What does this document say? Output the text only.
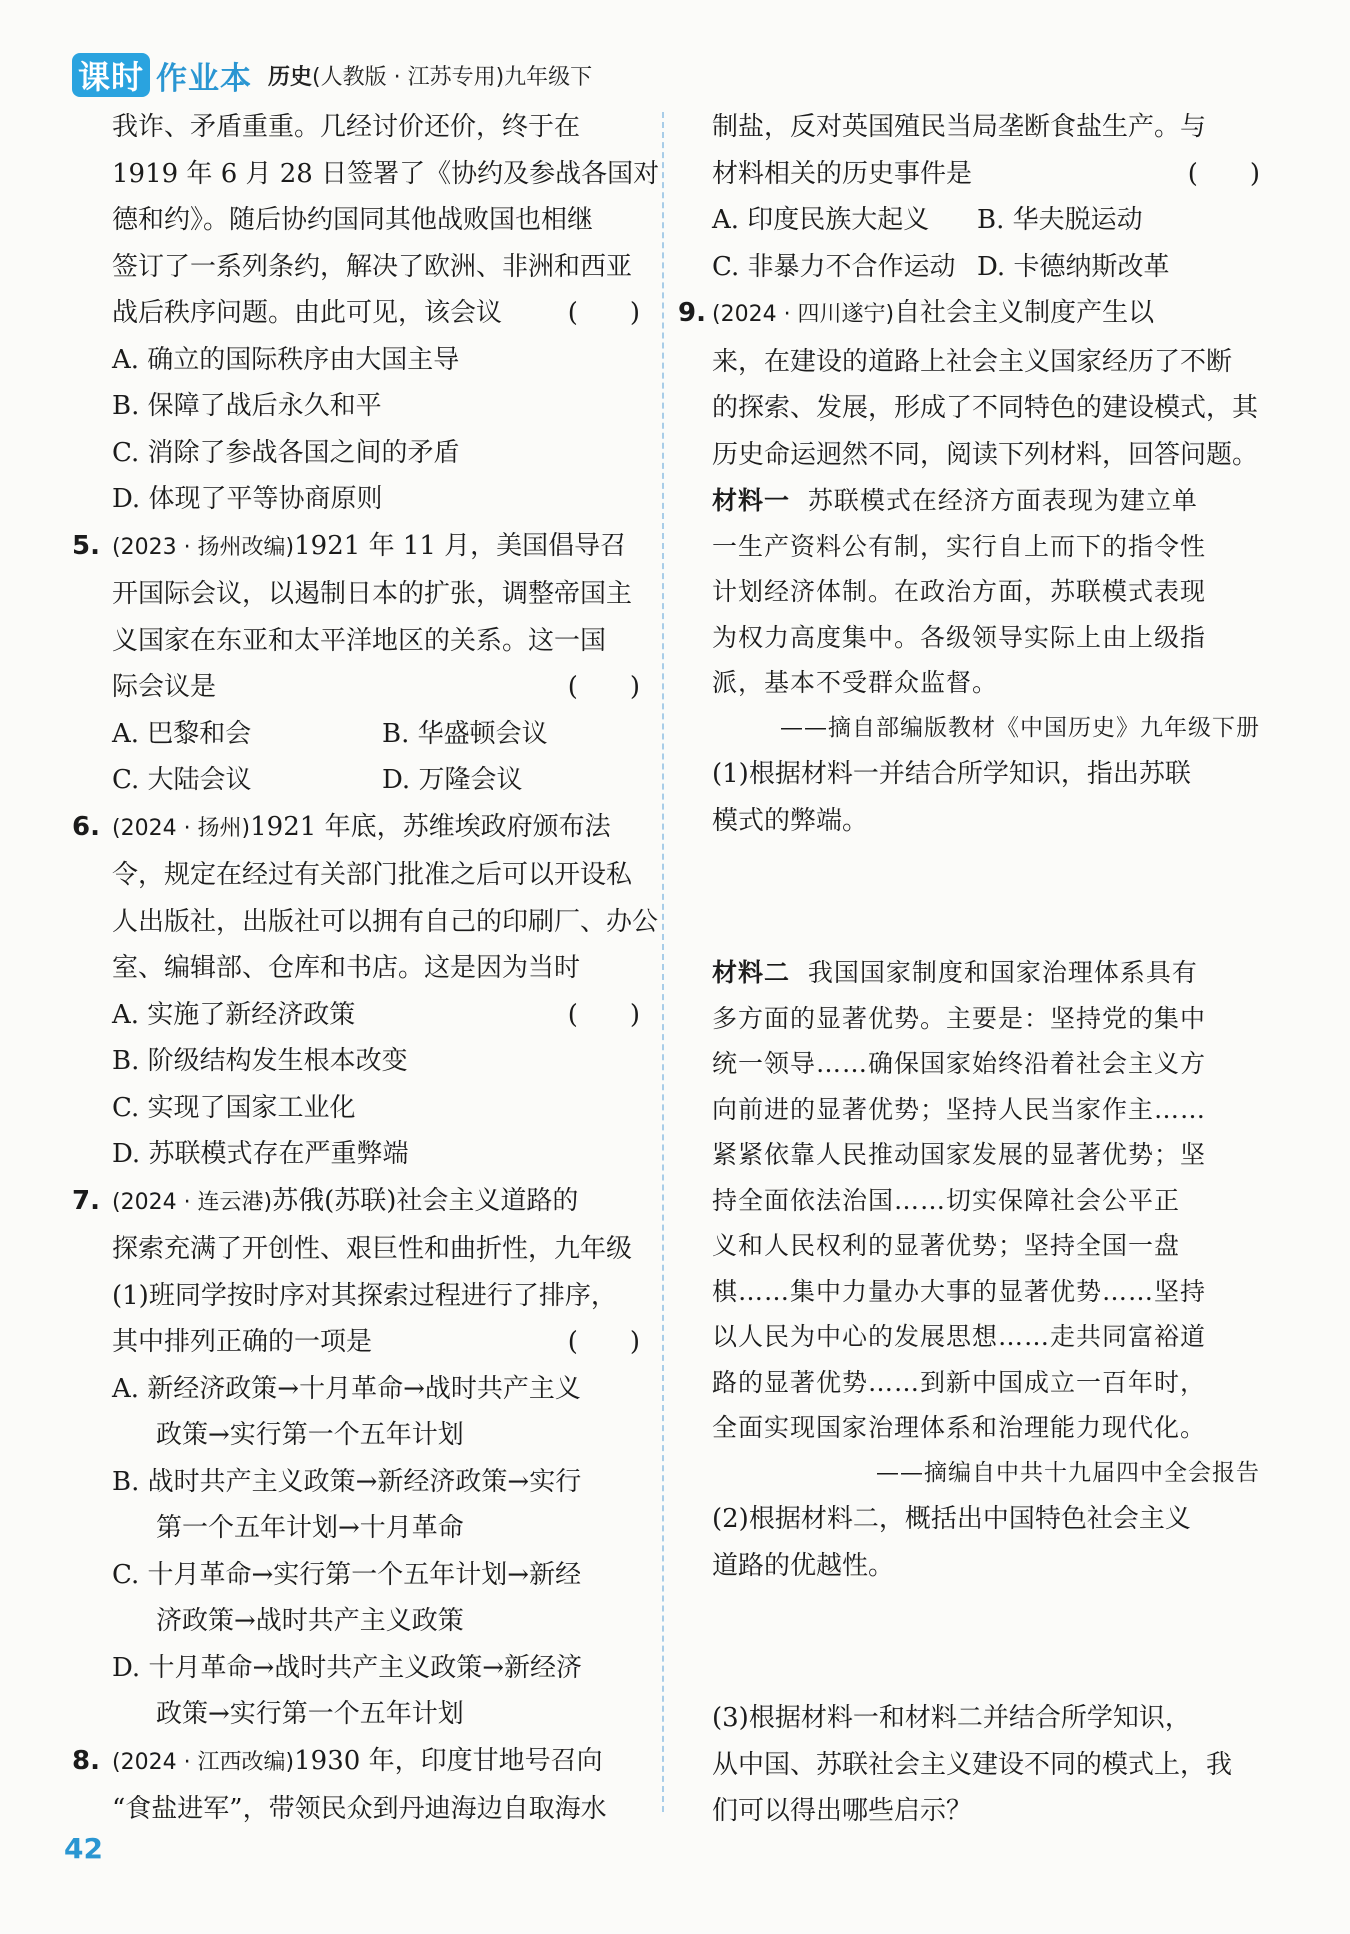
课时 作业本 历史(人教版 · 江苏专用)九年级下
我诈、矛盾重重。几经讨价还价，终于在
1919 年 6 月 28 日签署了《协约及参战各国对
德和约》。随后协约国同其他战败国也相继
签订了一系列条约，解决了欧洲、非洲和西亚
战后秩序问题。由此可见，该会议	(　　)
A. 确立的国际秩序由大国主导
B. 保障了战后永久和平
C. 消除了参战各国之间的矛盾
D. 体现了平等协商原则
5. (2023 · 扬州改编)1921 年 11 月，美国倡导召
开国际会议，以遏制日本的扩张，调整帝国主
义国家在东亚和太平洋地区的关系。这一国
际会议是	(　　)
A. 巴黎和会	B. 华盛顿会议
C. 大陆会议	D. 万隆会议
6. (2024 · 扬州)1921 年底，苏维埃政府颁布法
令，规定在经过有关部门批准之后可以开设私
人出版社，出版社可以拥有自己的印刷厂、办公
室、编辑部、仓库和书店。这是因为当时
(　　)
A. 实施了新经济政策
B. 阶级结构发生根本改变
C. 实现了国家工业化
D. 苏联模式存在严重弊端
7. (2024 · 连云港)苏俄(苏联)社会主义道路的
探索充满了开创性、艰巨性和曲折性，九年级
(1)班同学按时序对其探索过程进行了排序，
其中排列正确的一项是	(　　)
A. 新经济政策→十月革命→战时共产主义
政策→实行第一个五年计划
B. 战时共产主义政策→新经济政策→实行
第一个五年计划→十月革命
C. 十月革命→实行第一个五年计划→新经
济政策→战时共产主义政策
D. 十月革命→战时共产主义政策→新经济
政策→实行第一个五年计划
8. (2024 · 江西改编)1930 年，印度甘地号召向
“食盐进军”，带领民众到丹迪海边自取海水
制盐，反对英国殖民当局垄断食盐生产。与
材料相关的历史事件是	(　　)
A. 印度民族大起义	B. 华夫脱运动
C. 非暴力不合作运动 D. 卡德纳斯改革
9. (2024 · 四川遂宁)自社会主义制度产生以
来，在建设的道路上社会主义国家经历了不断
的探索、发展，形成了不同特色的建设模式，其
历史命运迥然不同，阅读下列材料，回答问题。
材料一 苏联模式在经济方面表现为建立单
一生产资料公有制，实行自上而下的指令性
计划经济体制。在政治方面，苏联模式表现
为权力高度集中。各级领导实际上由上级指
派，基本不受群众监督。
——摘自部编版教材《中国历史》九年级下册
(1)根据材料一并结合所学知识，指出苏联
模式的弊端。
材料二 我国国家制度和国家治理体系具有
多方面的显著优势。主要是：坚持党的集中
统一领导……确保国家始终沿着社会主义方
向前进的显著优势；坚持人民当家作主……
紧紧依靠人民推动国家发展的显著优势；坚
持全面依法治国……切实保障社会公平正
义和人民权利的显著优势；坚持全国一盘
棋……集中力量办大事的显著优势……坚持
以人民为中心的发展思想……走共同富裕道
路的显著优势……到新中国成立一百年时，
全面实现国家治理体系和治理能力现代化。
——摘编自中共十九届四中全会报告
(2)根据材料二，概括出中国特色社会主义
道路的优越性。
(3)根据材料一和材料二并结合所学知识，
从中国、苏联社会主义建设不同的模式上，我
们可以得出哪些启示？
42
